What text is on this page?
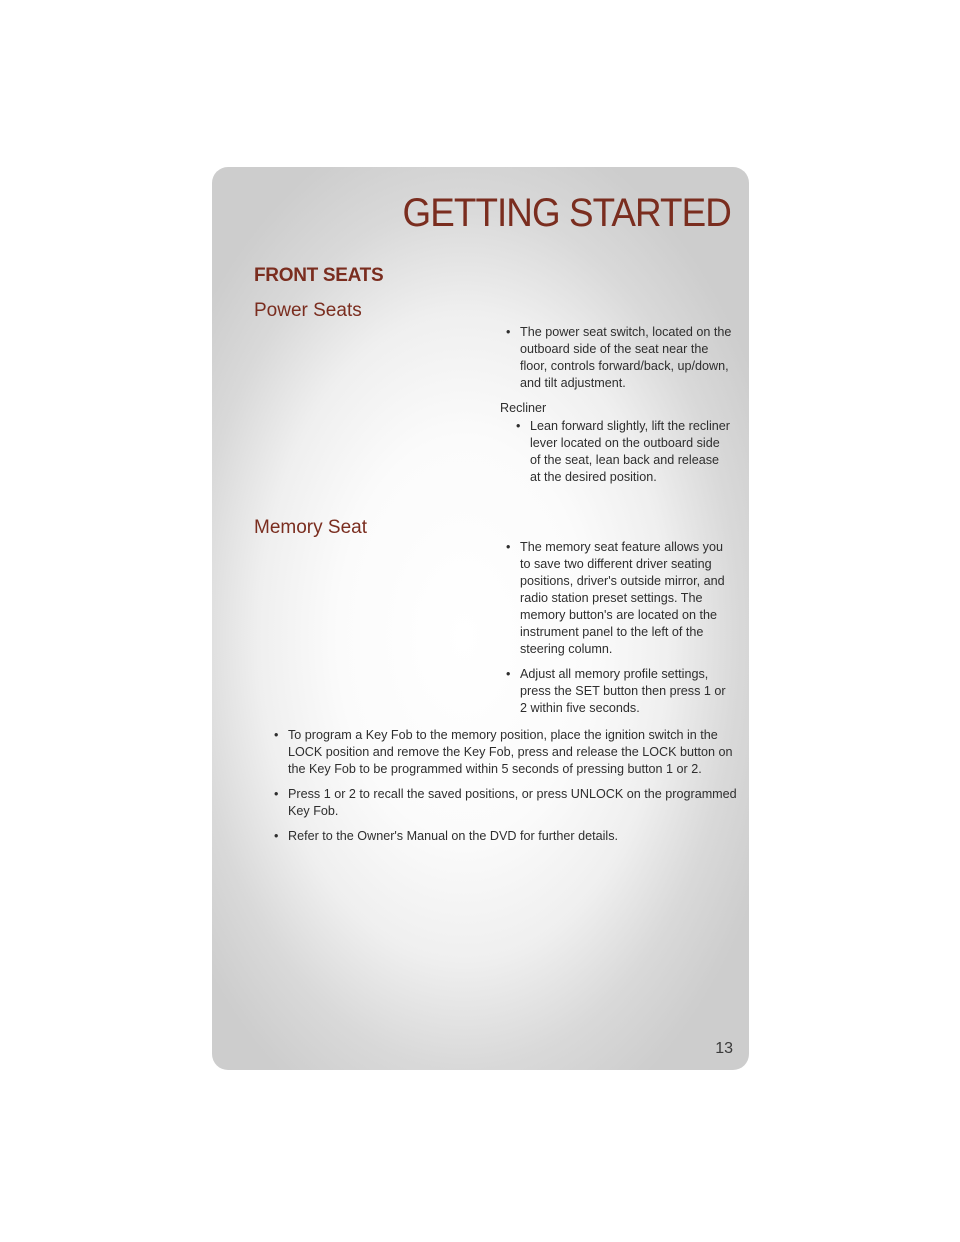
GETTING STARTED
FRONT SEATS
Power Seats
• The power seat switch, located on the outboard side of the seat near the floor, controls forward/back, up/down, and tilt adjustment.
Recliner
• Lean forward slightly, lift the recliner lever located on the outboard side of the seat, lean back and release at the desired position.
Memory Seat
• The memory seat feature allows you to save two different driver seating positions, driver's outside mirror, and radio station preset settings. The memory button's are located on the instrument panel to the left of the steering column.
• Adjust all memory profile settings, press the SET button then press 1 or 2 within five seconds.
• To program a Key Fob to the memory position, place the ignition switch in the LOCK position and remove the Key Fob, press and release the LOCK button on the Key Fob to be programmed within 5 seconds of pressing button 1 or 2.
• Press 1 or 2 to recall the saved positions, or press UNLOCK on the programmed Key Fob.
• Refer to the Owner's Manual on the DVD for further details.
13
